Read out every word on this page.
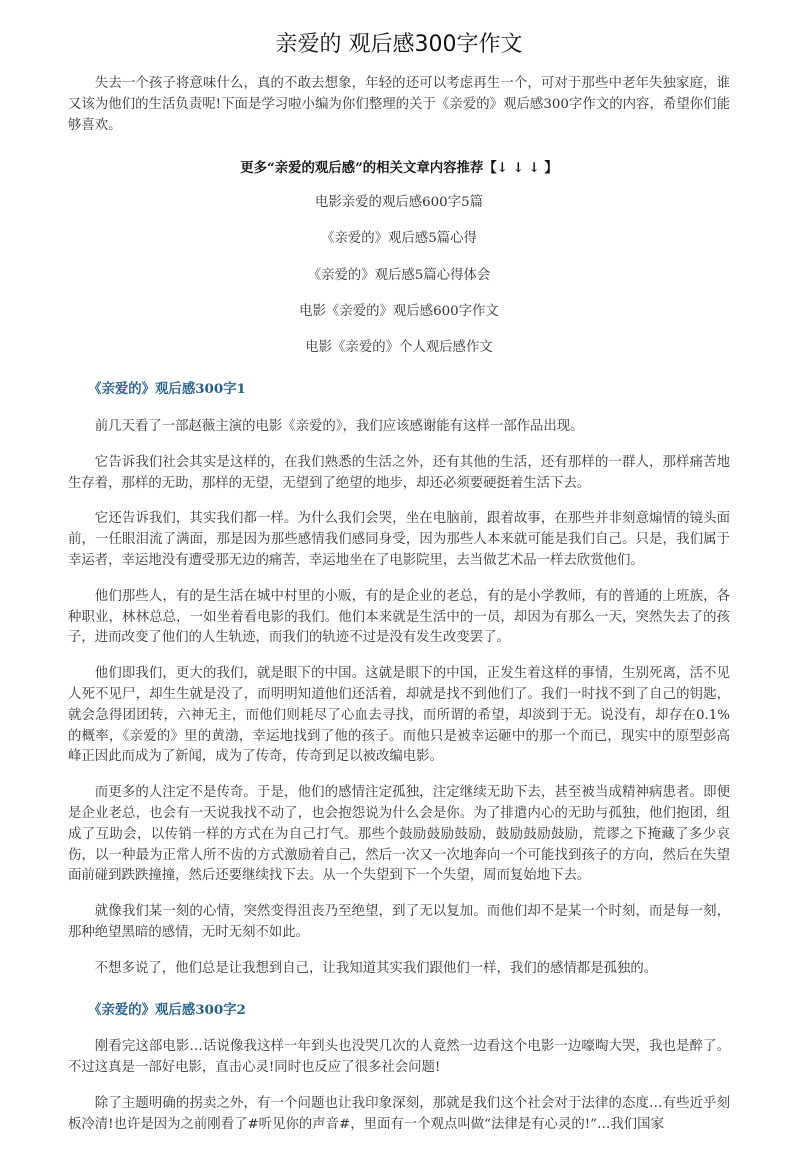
亲爱的 观后感300字作文

失去一个孩子将意味什么，真的不敢去想象，年轻的还可以考虑再生一个，可对于那些中老年失独家庭，谁又该为他们的生活负责呢!下面是学习啦小编为你们整理的关于《亲爱的》观后感300字作文的内容，希望你们能够喜欢。

更多“亲爱的观后感”的相关文章内容推荐【↓ ↓ ↓ 】

电影亲爱的观后感600字5篇

《亲爱的》观后感5篇心得

《亲爱的》观后感5篇心得体会

电影《亲爱的》观后感600字作文

电影《亲爱的》个人观后感作文

《亲爱的》观后感300字1

前几天看了一部赵薇主演的电影《亲爱的》，我们应该感谢能有这样一部作品出现。

它告诉我们社会其实是这样的，在我们熟悉的生活之外，还有其他的生活，还有那样的一群人，那样痛苦地生存着，那样的无助，那样的无望，无望到了绝望的地步，却还必须要硬挺着生活下去。

它还告诉我们，其实我们都一样。为什么我们会哭，坐在电脑前，跟着故事，在那些并非刻意煽情的镜头面前，一任眼泪流了满面，那是因为那些感情我们感同身受，因为那些人本来就可能是我们自己。只是，我们属于幸运者，幸运地没有遭受那无边的痛苦，幸运地坐在了电影院里，去当做艺术品一样去欣赏他们。

他们那些人，有的是生活在城中村里的小贩，有的是企业的老总，有的是小学教师，有的普通的上班族，各种职业，林林总总，一如坐着看电影的我们。他们本来就是生活中的一员，却因为有那么一天，突然失去了的孩子，进而改变了他们的人生轨迹，而我们的轨迹不过是没有发生改变罢了。

他们即我们，更大的我们，就是眼下的中国。这就是眼下的中国，正发生着这样的事情，生别死离，活不见人死不见尸，却生生就是没了，而明明知道他们还活着，却就是找不到他们了。我们一时找不到了自己的钥匙，就会急得团团转，六神无主，而他们则耗尽了心血去寻找，而所谓的希望，却淡到于无。说没有，却存在0.1%的概率，《亲爱的》里的黄渤，幸运地找到了他的孩子。而他只是被幸运砸中的那一个而已，现实中的原型彭高峰正因此而成为了新闻，成为了传奇，传奇到足以被改编电影。

而更多的人注定不是传奇。于是，他们的感情注定孤独，注定继续无助下去，甚至被当成精神病患者。即便是企业老总，也会有一天说我找不动了，也会抱怨说为什么会是你。为了排遣内心的无助与孤独，他们抱团，组成了互助会，以传销一样的方式在为自己打气。那些个鼓励鼓励鼓励，鼓励鼓励鼓励，荒谬之下掩藏了多少哀伤，以一种最为正常人所不齿的方式激励着自己，然后一次又一次地奔向一个可能找到孩子的方向，然后在失望面前碰到跌跌撞撞，然后还要继续找下去。从一个失望到下一个失望，周而复始地下去。

就像我们某一刻的心情，突然变得沮丧乃至绝望，到了无以复加。而他们却不是某一个时刻，而是每一刻，那种绝望黑暗的感情，无时无刻不如此。

不想多说了，他们总是让我想到自己，让我知道其实我们跟他们一样，我们的感情都是孤独的。

《亲爱的》观后感300字2

刚看完这部电影…话说像我这样一年到头也没哭几次的人竟然一边看这个电影一边嚎啕大哭，我也是醉了。不过这真是一部好电影，直击心灵!同时也反应了很多社会问题!

除了主题明确的拐卖之外，有一个问题也让我印象深刻，那就是我们这个社会对于法律的态度…有些近乎刻板冷清!也许是因为之前刚看了#听见你的声音#，里面有一个观点叫做“法律是有心灵的!”…我们国家
